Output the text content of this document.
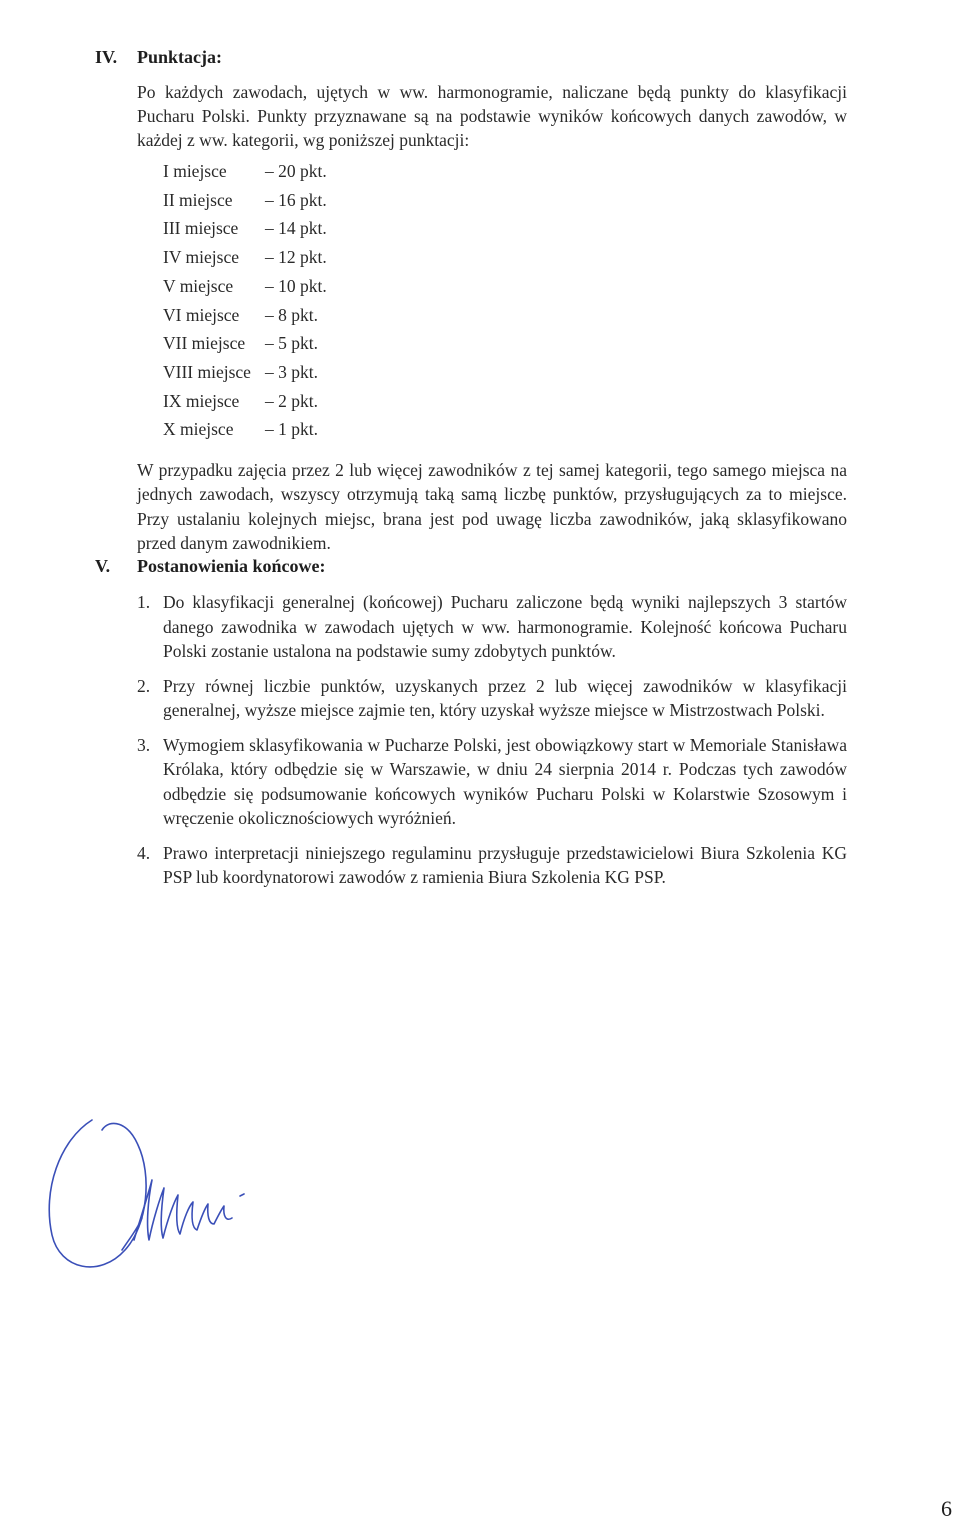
IV. Punktacja:
Po każdych zawodach, ujętych w ww. harmonogramie, naliczane będą punkty do klasyfikacji Pucharu Polski. Punkty przyznawane są na podstawie wyników końcowych danych zawodów, w każdej z ww. kategorii, wg poniższej punktacji:
I miejsce	– 20 pkt.
II miejsce	– 16 pkt.
III miejsce	– 14 pkt.
IV miejsce	– 12 pkt.
V miejsce	– 10 pkt.
VI miejsce	– 8 pkt.
VII miejsce	– 5 pkt.
VIII miejsce – 3 pkt.
IX miejsce	– 2 pkt.
X miejsce	– 1 pkt.
W przypadku zajęcia przez 2 lub więcej zawodników z tej samej kategorii, tego samego miejsca na jednych zawodach, wszyscy otrzymują taką samą liczbę punktów, przysługujących za to miejsce. Przy ustalaniu kolejnych miejsc, brana jest pod uwagę liczba zawodników, jaką sklasyfikowano przed danym zawodnikiem.
V. Postanowienia końcowe:
1. Do klasyfikacji generalnej (końcowej) Pucharu zaliczone będą wyniki najlepszych 3 startów danego zawodnika w zawodach ujętych w ww. harmonogramie. Kolejność końcowa Pucharu Polski zostanie ustalona na podstawie sumy zdobytych punktów.
2. Przy równej liczbie punktów, uzyskanych przez 2 lub więcej zawodników w klasyfikacji generalnej, wyższe miejsce zajmie ten, który uzyskał wyższe miejsce w Mistrzostwach Polski.
3. Wymogiem sklasyfikowania w Pucharze Polski, jest obowiązkowy start w Memoriale Stanisława Królaka, który odbędzie się w Warszawie, w dniu 24 sierpnia 2014 r. Podczas tych zawodów odbędzie się podsumowanie końcowych wyników Pucharu Polski w Kolarstwie Szosowym i wręczenie okolicznościowych wyróżnień.
4. Prawo interpretacji niniejszego regulaminu przysługuje przedstawicielowi Biura Szkolenia KG PSP lub koordynatorowi zawodów z ramienia Biura Szkolenia KG PSP.
6
